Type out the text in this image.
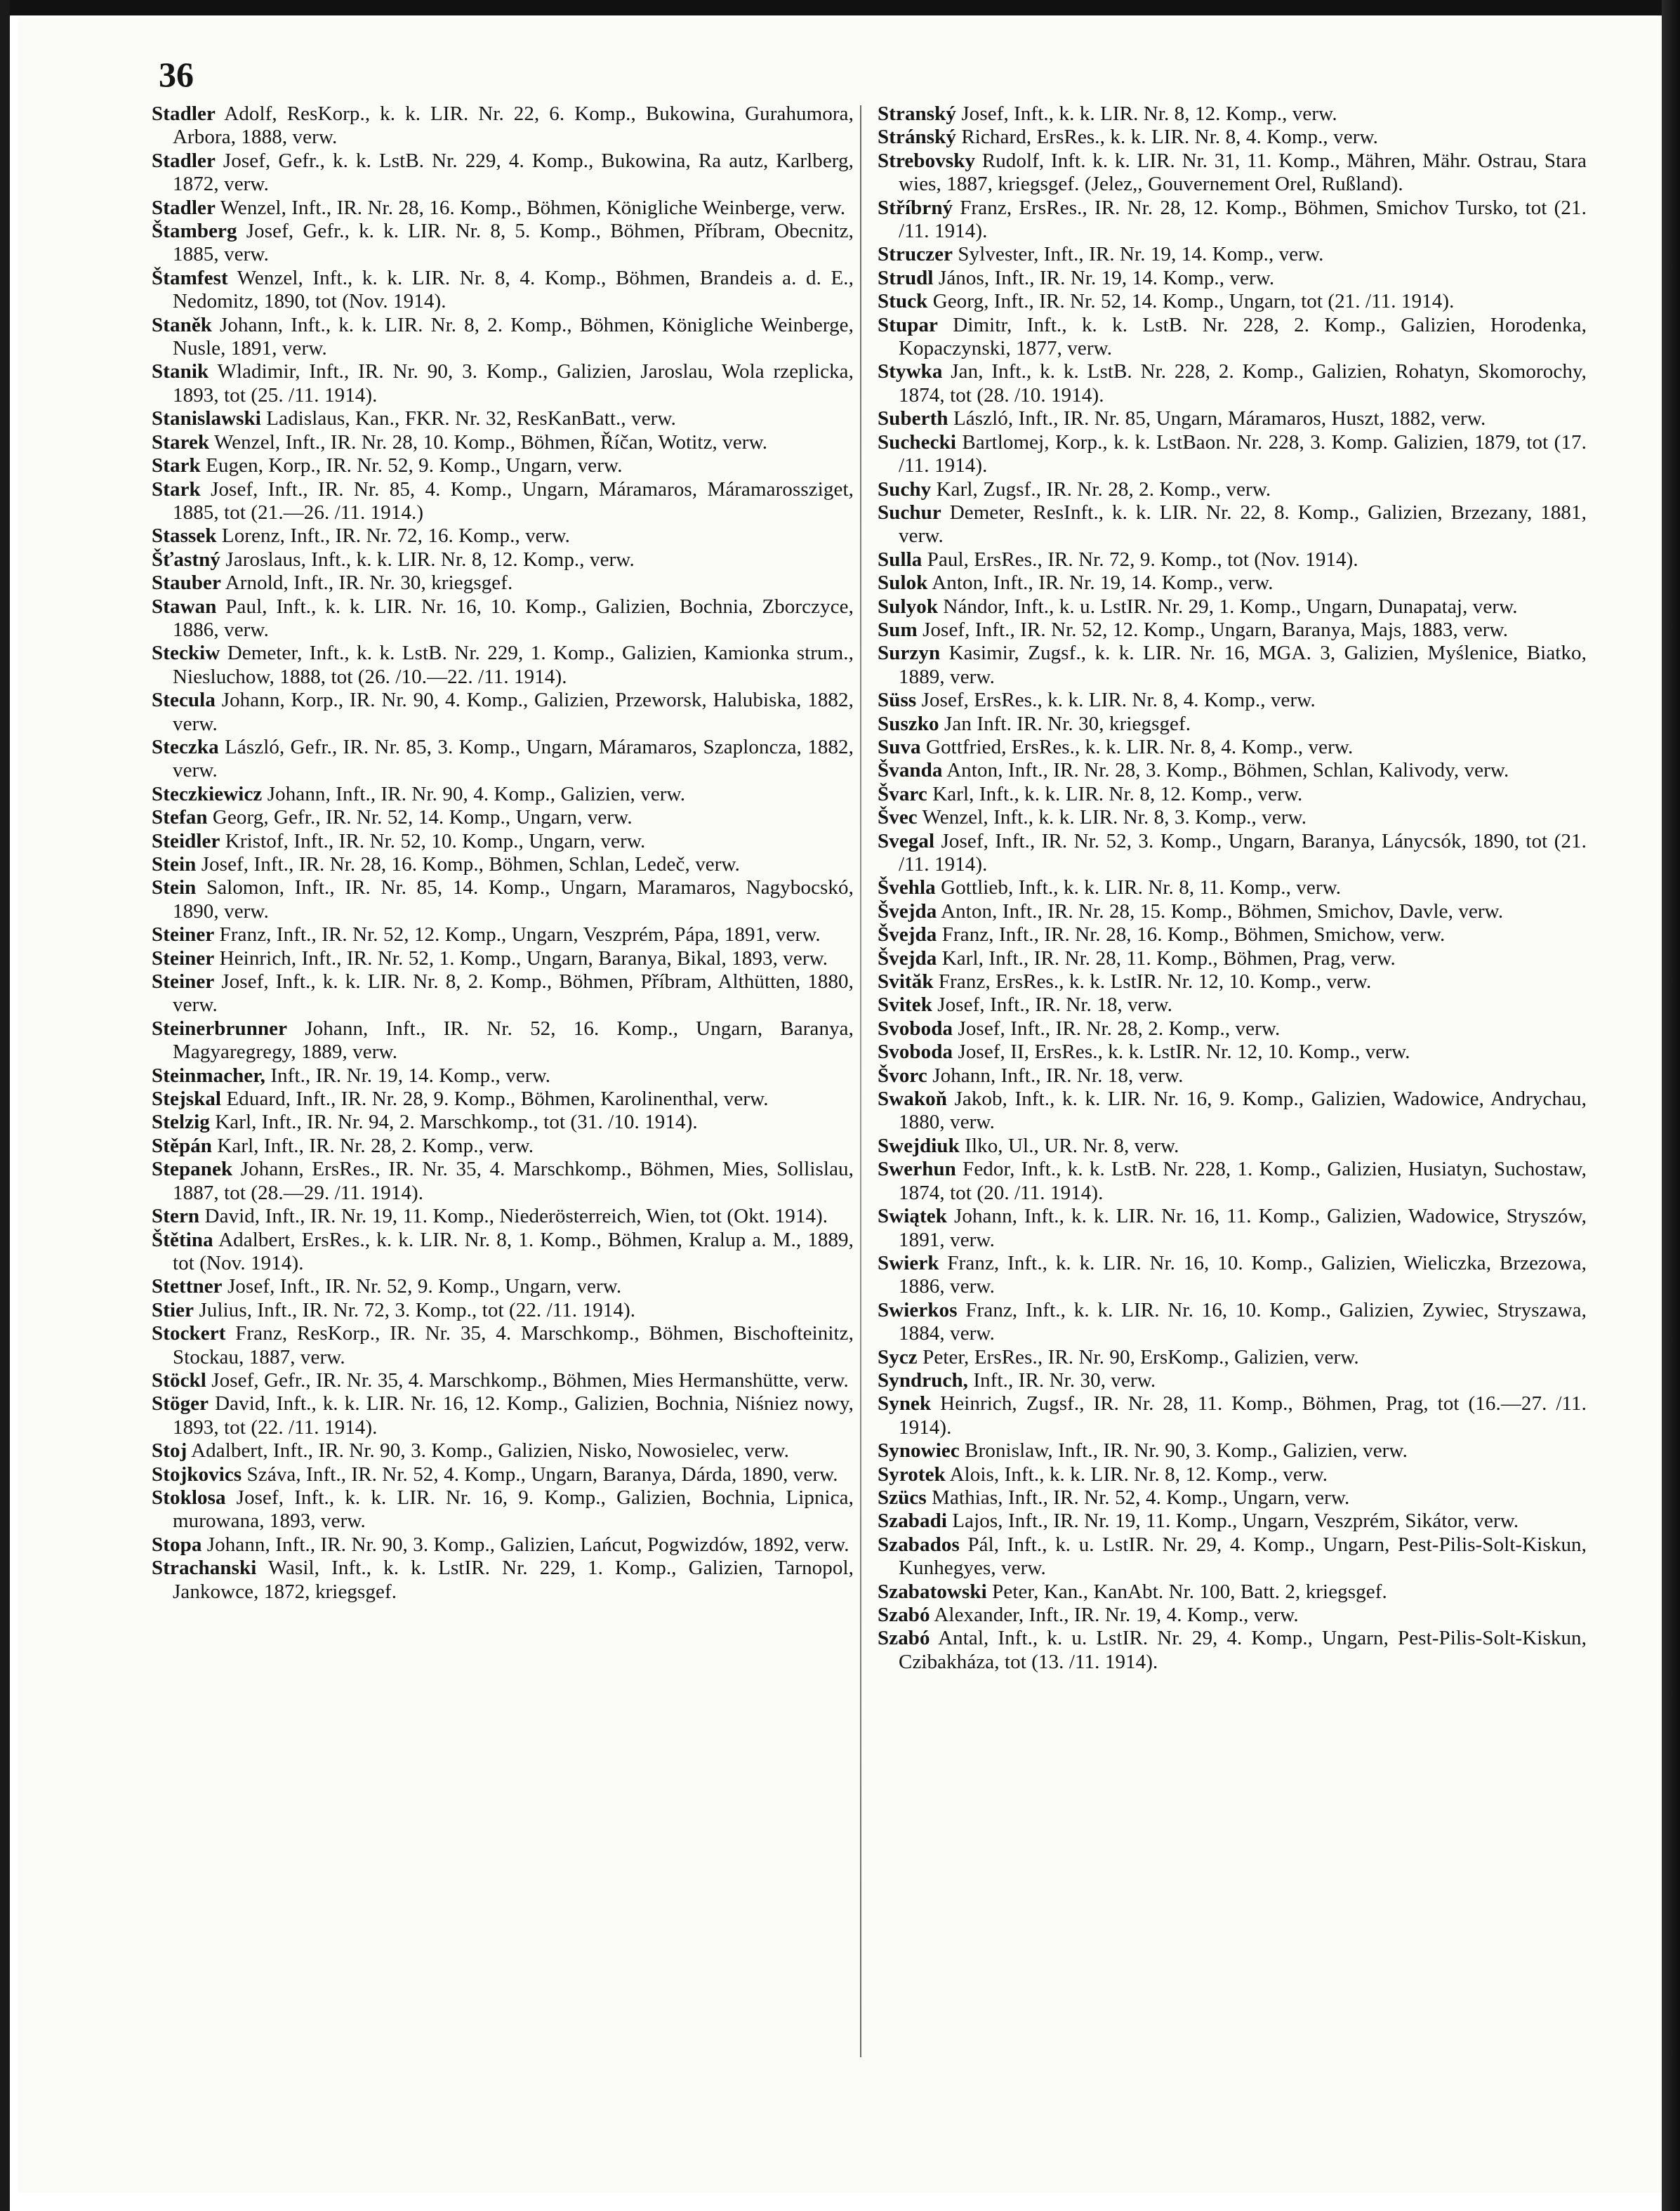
36

Stadler Adolf, ResKorp., k. k. LIR. Nr. 22, 6. Komp., Bukowina, Gurahumora, Arbora, 1888, verw.

Stadler Josef, Gefr., k. k. LstB. Nr. 229, 4. Komp., Bukowina, Ra autz, Karlberg, 1872, verw.

Stadler Wenzel, Inft., IR. Nr. 28, 16. Komp., Böhmen, Königliche Weinberge, verw.

Štamberg Josef, Gefr., k. k. LIR. Nr. 8, 5. Komp., Böhmen, Příbram, Obecnitz, 1885, verw.

Štamfest Wenzel, Inft., k. k. LIR. Nr. 8, 4. Komp., Böhmen, Brandeis a. d. E., Nedomitz, 1890, tot (Nov. 1914).

Staněk Johann, Inft., k. k. LIR. Nr. 8, 2. Komp., Böhmen, Königliche Weinberge, Nusle, 1891, verw.

Stanik Wladimir, Inft., IR. Nr. 90, 3. Komp., Galizien, Jaroslau, Wola rzeplicka, 1893, tot (25. /11. 1914).

Stanislawski Ladislaus, Kan., FKR. Nr. 32, ResKanBatt., verw.

Starek Wenzel, Inft., IR. Nr. 28, 10. Komp., Böhmen, Říčan, Wotitz, verw.

Stark Eugen, Korp., IR. Nr. 52, 9. Komp., Ungarn, verw.

Stark Josef, Inft., IR. Nr. 85, 4. Komp., Ungarn, Máramaros, Máramarossziget, 1885, tot (21.—26. /11. 1914.)

Stassek Lorenz, Inft., IR. Nr. 72, 16. Komp., verw.

Šťastný Jaroslaus, Inft., k. k. LIR. Nr. 8, 12. Komp., verw.

Stauber Arnold, Inft., IR. Nr. 30, kriegsgef.

Stawan Paul, Inft., k. k. LIR. Nr. 16, 10. Komp., Galizien, Bochnia, Zborczyce, 1886, verw.

Steckiw Demeter, Inft., k. k. LstB. Nr. 229, 1. Komp., Galizien, Kamionka strum., Niesluchow, 1888, tot (26. /10.—22. /11. 1914).

Stecula Johann, Korp., IR. Nr. 90, 4. Komp., Galizien, Przeworsk, Halubiska, 1882, verw.

Steczka László, Gefr., IR. Nr. 85, 3. Komp., Ungarn, Máramaros, Szaploncza, 1882, verw.

Steczkiewicz Johann, Inft., IR. Nr. 90, 4. Komp., Galizien, verw.

Stefan Georg, Gefr., IR. Nr. 52, 14. Komp., Ungarn, verw.

Steidler Kristof, Inft., IR. Nr. 52, 10. Komp., Ungarn, verw.

Stein Josef, Inft., IR. Nr. 28, 16. Komp., Böhmen, Schlan, Ledeč, verw.

Stein Salomon, Inft., IR. Nr. 85, 14. Komp., Ungarn, Maramaros, Nagybocskó, 1890, verw.

Steiner Franz, Inft., IR. Nr. 52, 12. Komp., Ungarn, Veszprém, Pápa, 1891, verw.

Steiner Heinrich, Inft., IR. Nr. 52, 1. Komp., Ungarn, Baranya, Bikal, 1893, verw.

Steiner Josef, Inft., k. k. LIR. Nr. 8, 2. Komp., Böhmen, Příbram, Althütten, 1880, verw.

Steinerbrunner Johann, Inft., IR. Nr. 52, 16. Komp., Ungarn, Baranya, Magyaregregy, 1889, verw.

Steinmacher, Inft., IR. Nr. 19, 14. Komp., verw.

Stejskal Eduard, Inft., IR. Nr. 28, 9. Komp., Böhmen, Karolinenthal, verw.

Stelzig Karl, Inft., IR. Nr. 94, 2. Marschkomp., tot (31. /10. 1914).

Stěpán Karl, Inft., IR. Nr. 28, 2. Komp., verw.

Stepanek Johann, ErsRes., IR. Nr. 35, 4. Marschkomp., Böhmen, Mies, Sollislau, 1887, tot (28.—29. /11. 1914).

Stern David, Inft., IR. Nr. 19, 11. Komp., Niederösterreich, Wien, tot (Okt. 1914).

Štětina Adalbert, ErsRes., k. k. LIR. Nr. 8, 1. Komp., Böhmen, Kralup a. M., 1889, tot (Nov. 1914).

Stettner Josef, Inft., IR. Nr. 52, 9. Komp., Ungarn, verw.

Stier Julius, Inft., IR. Nr. 72, 3. Komp., tot (22. /11. 1914).

Stockert Franz, ResKorp., IR. Nr. 35, 4. Marschkomp., Böhmen, Bischofteinitz, Stockau, 1887, verw.

Stöckl Josef, Gefr., IR. Nr. 35, 4. Marschkomp., Böhmen, Mies Hermanshütte, verw.

Stöger David, Inft., k. k. LIR. Nr. 16, 12. Komp., Galizien, Bochnia, Niśniez nowy, 1893, tot (22. /11. 1914).

Stoj Adalbert, Inft., IR. Nr. 90, 3. Komp., Galizien, Nisko, Nowosielec, verw.

Stojkovics Száva, Inft., IR. Nr. 52, 4. Komp., Ungarn, Baranya, Dárda, 1890, verw.

Stoklosa Josef, Inft., k. k. LIR. Nr. 16, 9. Komp., Galizien, Bochnia, Lipnica, murowana, 1893, verw.

Stopa Johann, Inft., IR. Nr. 90, 3. Komp., Galizien, Lańcut, Pogwizdów, 1892, verw.

Strachanski Wasil, Inft., k. k. LstIR. Nr. 229, 1. Komp., Galizien, Tarnopol, Jankowce, 1872, kriegsgef.

Stranský Josef, Inft., k. k. LIR. Nr. 8, 12. Komp., verw.

Stránský Richard, ErsRes., k. k. LIR. Nr. 8, 4. Komp., verw.

Strebovsky Rudolf, Inft. k. k. LIR. Nr. 31, 11. Komp., Mähren, Mähr. Ostrau, Stara wies, 1887, kriegsgef. (Jelez,, Gouvernement Orel, Rußland).

Stříbrný Franz, ErsRes., IR. Nr. 28, 12. Komp., Böhmen, Smichov Tursko, tot (21. /11. 1914).

Struczer Sylvester, Inft., IR. Nr. 19, 14. Komp., verw.

Strudl János, Inft., IR. Nr. 19, 14. Komp., verw.

Stuck Georg, Inft., IR. Nr. 52, 14. Komp., Ungarn, tot (21. /11. 1914).

Stupar Dimitr, Inft., k. k. LstB. Nr. 228, 2. Komp., Galizien, Horodenka, Kopaczynski, 1877, verw.

Stywka Jan, Inft., k. k. LstB. Nr. 228, 2. Komp., Galizien, Rohatyn, Skomorochy, 1874, tot (28. /10. 1914).

Suberth László, Inft., IR. Nr. 85, Ungarn, Máramaros, Huszt, 1882, verw.

Suchecki Bartlomej, Korp., k. k. LstBaon. Nr. 228, 3. Komp. Galizien, 1879, tot (17. /11. 1914).

Suchy Karl, Zugsf., IR. Nr. 28, 2. Komp., verw.

Suchur Demeter, ResInft., k. k. LIR. Nr. 22, 8. Komp., Galizien, Brzezany, 1881, verw.

Sulla Paul, ErsRes., IR. Nr. 72, 9. Komp., tot (Nov. 1914).

Sulok Anton, Inft., IR. Nr. 19, 14. Komp., verw.

Sulyok Nándor, Inft., k. u. LstIR. Nr. 29, 1. Komp., Ungarn, Dunapataj, verw.

Sum Josef, Inft., IR. Nr. 52, 12. Komp., Ungarn, Baranya, Majs, 1883, verw.

Surzyn Kasimir, Zugsf., k. k. LIR. Nr. 16, MGA. 3, Galizien, Myślenice, Biatko, 1889, verw.

Süss Josef, ErsRes., k. k. LIR. Nr. 8, 4. Komp., verw.

Suszko Jan Inft. IR. Nr. 30, kriegsgef.

Suva Gottfried, ErsRes., k. k. LIR. Nr. 8, 4. Komp., verw.

Švanda Anton, Inft., IR. Nr. 28, 3. Komp., Böhmen, Schlan, Kalivody, verw.

Švarc Karl, Inft., k. k. LIR. Nr. 8, 12. Komp., verw.

Švec Wenzel, Inft., k. k. LIR. Nr. 8, 3. Komp., verw.

Svegal Josef, Inft., IR. Nr. 52, 3. Komp., Ungarn, Baranya, Lánycsók, 1890, tot (21. /11. 1914).

Švehla Gottlieb, Inft., k. k. LIR. Nr. 8, 11. Komp., verw.

Švejda Anton, Inft., IR. Nr. 28, 15. Komp., Böhmen, Smichov, Davle, verw.

Švejda Franz, Inft., IR. Nr. 28, 16. Komp., Böhmen, Smichow, verw.

Švejda Karl, Inft., IR. Nr. 28, 11. Komp., Böhmen, Prag, verw.

Svităk Franz, ErsRes., k. k. LstIR. Nr. 12, 10. Komp., verw.

Svitek Josef, Inft., IR. Nr. 18, verw.

Svoboda Josef, Inft., IR. Nr. 28, 2. Komp., verw.

Svoboda Josef, II, ErsRes., k. k. LstIR. Nr. 12, 10. Komp., verw.

Švorc Johann, Inft., IR. Nr. 18, verw.

Swakoň Jakob, Inft., k. k. LIR. Nr. 16, 9. Komp., Galizien, Wadowice, Andrychau, 1880, verw.

Swejdiuk Ilko, Ul., UR. Nr. 8, verw.

Swerhun Fedor, Inft., k. k. LstB. Nr. 228, 1. Komp., Galizien, Husiatyn, Suchostaw, 1874, tot (20. /11. 1914).

Swiątek Johann, Inft., k. k. LIR. Nr. 16, 11. Komp., Galizien, Wadowice, Stryszów, 1891, verw.

Swierk Franz, Inft., k. k. LIR. Nr. 16, 10. Komp., Galizien, Wieliczka, Brzezowa, 1886, verw.

Swierkos Franz, Inft., k. k. LIR. Nr. 16, 10. Komp., Galizien, Zywiec, Stryszawa, 1884, verw.

Sycz Peter, ErsRes., IR. Nr. 90, ErsKomp., Galizien, verw.

Syndruch, Inft., IR. Nr. 30, verw.

Synek Heinrich, Zugsf., IR. Nr. 28, 11. Komp., Böhmen, Prag, tot (16.—27. /11. 1914).

Synowiec Bronislaw, Inft., IR. Nr. 90, 3. Komp., Galizien, verw.

Syrotek Alois, Inft., k. k. LIR. Nr. 8, 12. Komp., verw.

Szücs Mathias, Inft., IR. Nr. 52, 4. Komp., Ungarn, verw.

Szabadi Lajos, Inft., IR. Nr. 19, 11. Komp., Ungarn, Veszprém, Sikátor, verw.

Szabados Pál, Inft., k. u. LstIR. Nr. 29, 4. Komp., Ungarn, Pest-Pilis-Solt-Kiskun, Kunhegyes, verw.

Szabatowski Peter, Kan., KanAbt. Nr. 100, Batt. 2, kriegsgef.

Szabó Alexander, Inft., IR. Nr. 19, 4. Komp., verw.

Szabó Antal, Inft., k. u. LstIR. Nr. 29, 4. Komp., Ungarn, Pest-Pilis-Solt-Kiskun, Czibakháza, tot (13. /11. 1914).
